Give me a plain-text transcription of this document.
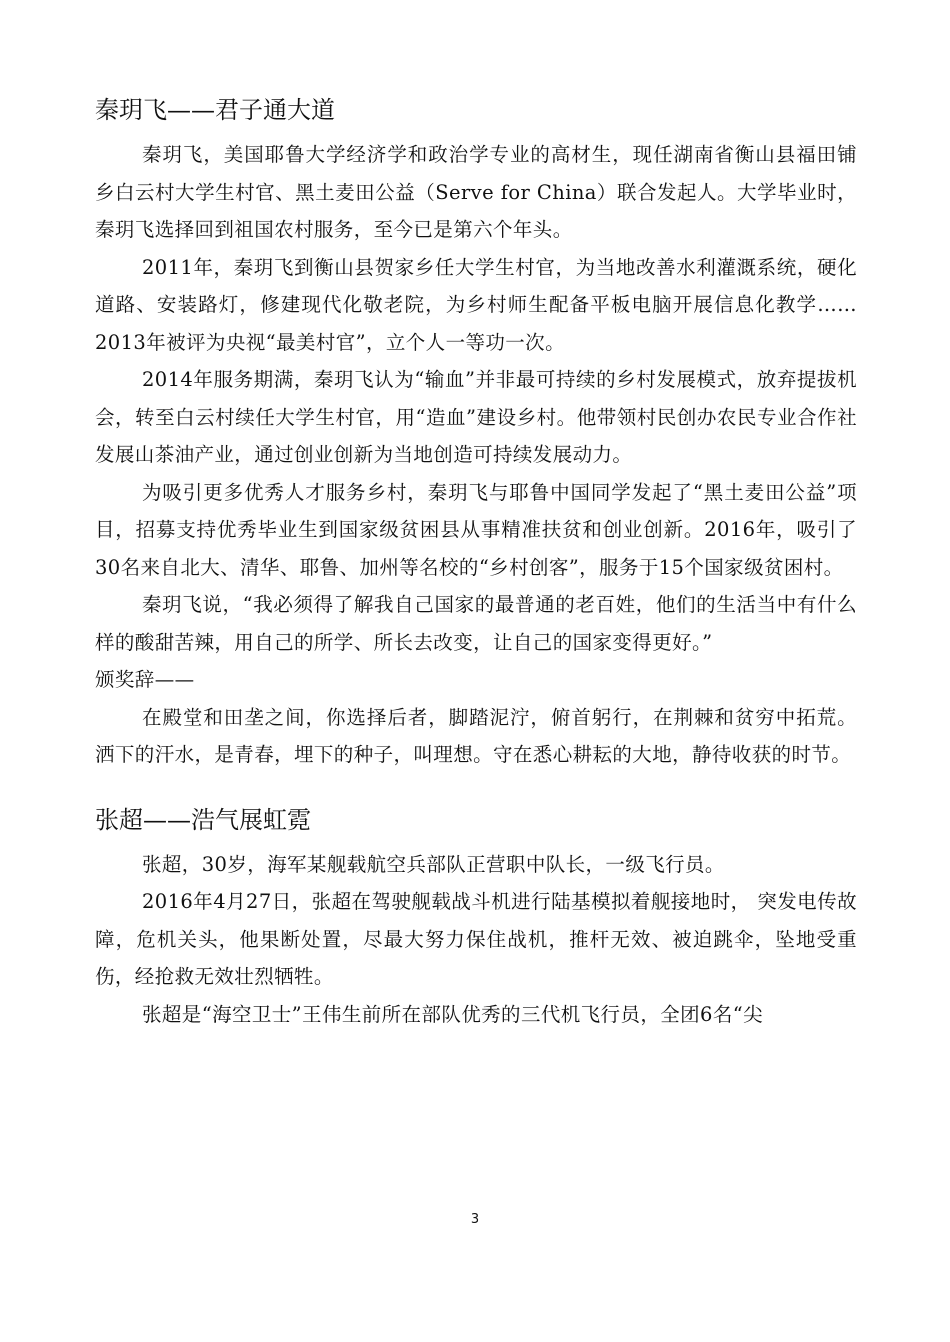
秦玥飞——君子通大道

秦玥飞，美国耶鲁大学经济学和政治学专业的高材生，现任湖南省衡山县福田铺乡白云村大学生村官、黑土麦田公益（Serve for China）联合发起人。大学毕业时，秦玥飞选择回到祖国农村服务，至今已是第六个年头。

2011年，秦玥飞到衡山县贺家乡任大学生村官，为当地改善水利灌溉系统，硬化道路、安装路灯，修建现代化敬老院，为乡村师生配备平板电脑开展信息化教学……2013年被评为央视“最美村官”，立个人一等功一次。

2014年服务期满，秦玥飞认为“输血”并非最可持续的乡村发展模式，放弃提拔机会，转至白云村续任大学生村官，用“造血”建设乡村。他带领村民创办农民专业合作社发展山茶油产业，通过创业创新为当地创造可持续发展动力。

为吸引更多优秀人才服务乡村，秦玥飞与耶鲁中国同学发起了“黑土麦田公益”项目，招募支持优秀毕业生到国家级贫困县从事精准扶贫和创业创新。2016年，吸引了30名来自北大、清华、耶鲁、加州等名校的“乡村创客”，服务于15个国家级贫困村。

秦玥飞说，“我必须得了解我自己国家的最普通的老百姓，他们的生活当中有什么样的酸甜苦辣，用自己的所学、所长去改变，让自己的国家变得更好。”

颁奖辞——

在殿堂和田垄之间，你选择后者，脚踏泥泞，俯首躬行，在荆棘和贫穷中拓荒。洒下的汗水，是青春，埋下的种子，叫理想。守在悉心耕耘的大地，静待收获的时节。

张超——浩气展虹霓

张超，30岁，海军某舰载航空兵部队正营职中队长，一级飞行员。

2016年4月27日，张超在驾驶舰载战斗机进行陆基模拟着舰接地时， 突发电传故障，危机关头，他果断处置，尽最大努力保住战机，推杆无效、被迫跳伞，坠地受重伤，经抢救无效壮烈牺牲。

张超是“海空卫士”王伟生前所在部队优秀的三代机飞行员，全团6名“尖

3
